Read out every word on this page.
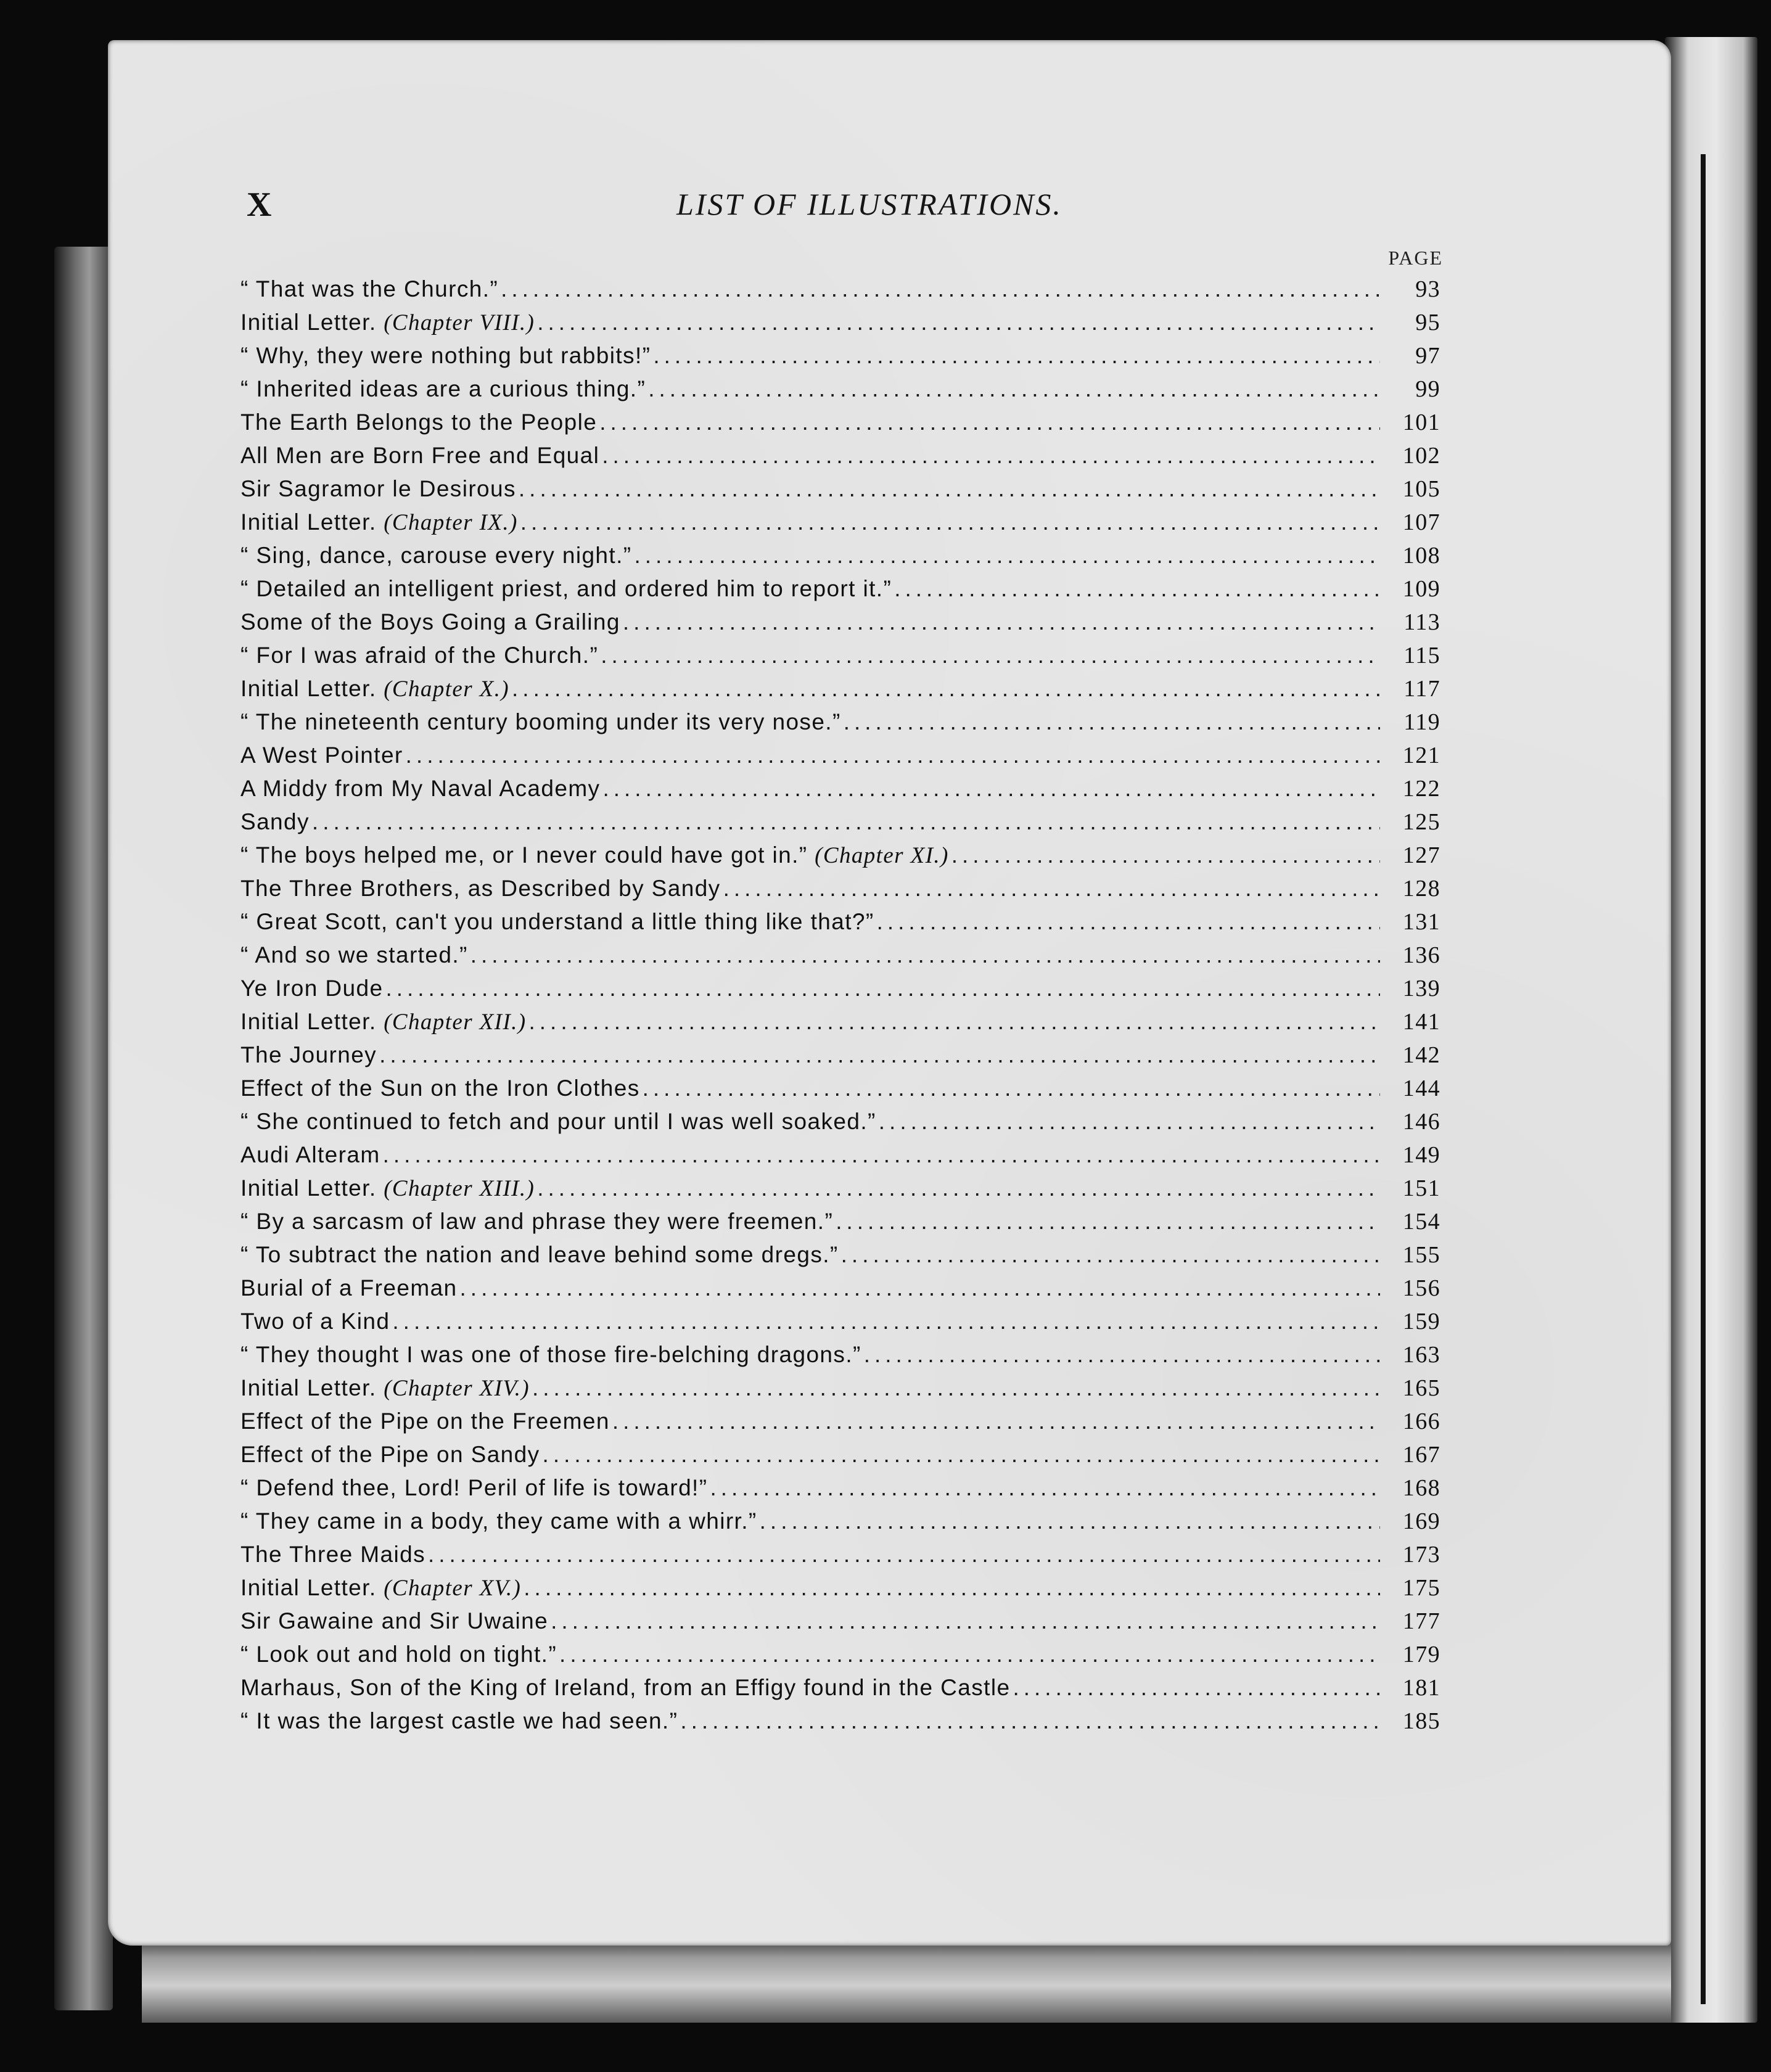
X	LIST OF ILLUSTRATIONS.
PAGE
“ That was the Church.” .....	93
Initial Letter. (Chapter VIII.) .....	95
“ Why, they were nothing but rabbits!” .....	97
“ Inherited ideas are a curious thing.” .....	99
The Earth Belongs to the People .....	101
All Men are Born Free and Equal .....	102
Sir Sagramor le Desirous .....	105
Initial Letter. (Chapter IX.) .....	107
“ Sing, dance, carouse every night.” .....	108
“ Detailed an intelligent priest, and ordered him to report it.” .....	109
Some of the Boys Going a Grailing .....	113
“ For I was afraid of the Church.” .....	115
Initial Letter. (Chapter X.) .....	117
“ The nineteenth century booming under its very nose.” .....	119
A West Pointer .....	121
A Middy from My Naval Academy .....	122
Sandy .....	125
“ The boys helped me, or I never could have got in.” (Chapter XI.) .....	127
The Three Brothers, as Described by Sandy .....	128
“ Great Scott, can't you understand a little thing like that?” .....	131
“ And so we started.” .....	136
Ye Iron Dude .....	139
Initial Letter. (Chapter XII.) .....	141
The Journey .....	142
Effect of the Sun on the Iron Clothes .....	144
“ She continued to fetch and pour until I was well soaked.” .....	146
Audi Alteram .....	149
Initial Letter. (Chapter XIII.) .....	151
“ By a sarcasm of law and phrase they were freemen.” .....	154
“ To subtract the nation and leave behind some dregs.” .....	155
Burial of a Freeman .....	156
Two of a Kind .....	159
“ They thought I was one of those fire-belching dragons.” .....	163
Initial Letter. (Chapter XIV.) .....	165
Effect of the Pipe on the Freemen .....	166
Effect of the Pipe on Sandy .....	167
“ Defend thee, Lord! Peril of life is toward!” .....	168
“ They came in a body, they came with a whirr.” .....	169
The Three Maids .....	173
Initial Letter. (Chapter XV.) .....	175
Sir Gawaine and Sir Uwaine .....	177
“ Look out and hold on tight.” .....	179
Marhaus, Son of the King of Ireland, from an Effigy found in the Castle .....	181
“ It was the largest castle we had seen.” .....	185
